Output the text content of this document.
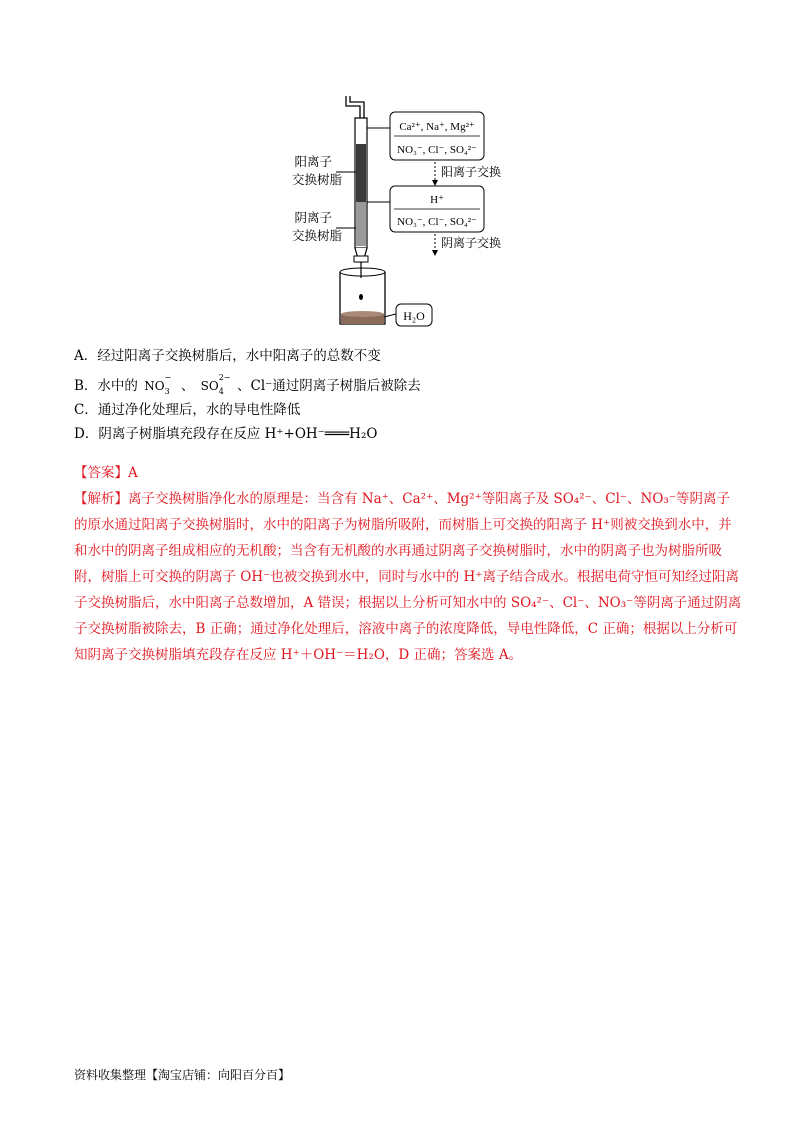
H₂O
阳离子
交换树脂
阴离子
交换树脂
Ca²⁺, Na⁺, Mg²⁺
NO₃⁻, Cl⁻, SO₄²⁻
阳离子交换
H⁺
NO₃⁻, Cl⁻, SO₄²⁻
阴离子交换
A．经过阳离子交换树脂后，水中阳离子的总数不变
B．水中的 NO
−
3 、 SO
2−
4 、Cl⁻通过阴离子树脂后被除去
C．通过净化处理后，水的导电性降低
D．阴离子树脂填充段存在反应 H⁺+OH⁻═══H₂O

【答案】A

【解析】离子交换树脂净化水的原理是：当含有 Na⁺、Ca²⁺、Mg²⁺等阳离子及 SO₄²⁻、Cl⁻、NO₃⁻等阴离子的原水通过阳离子交换树脂时，水中的阳离子为树脂所吸附，而树脂上可交换的阳离子 H⁺则被交换到水中，并和水中的阴离子组成相应的无机酸；当含有无机酸的水再通过阴离子交换树脂时，水中的阴离子也为树脂所吸附，树脂上可交换的阴离子 OH⁻也被交换到水中，同时与水中的 H⁺离子结合成水。根据电荷守恒可知经过阳离子交换树脂后，水中阳离子总数增加，A 错误；根据以上分析可知水中的 SO₄²⁻、Cl⁻、NO₃⁻等阴离子通过阴离子交换树脂被除去，B 正确；通过净化处理后，溶液中离子的浓度降低，导电性降低，C 正确；根据以上分析可知阴离子交换树脂填充段存在反应 H⁺＋OH⁻＝H₂O，D 正确；答案选 A。

资料收集整理【淘宝店铺：向阳百分百】
